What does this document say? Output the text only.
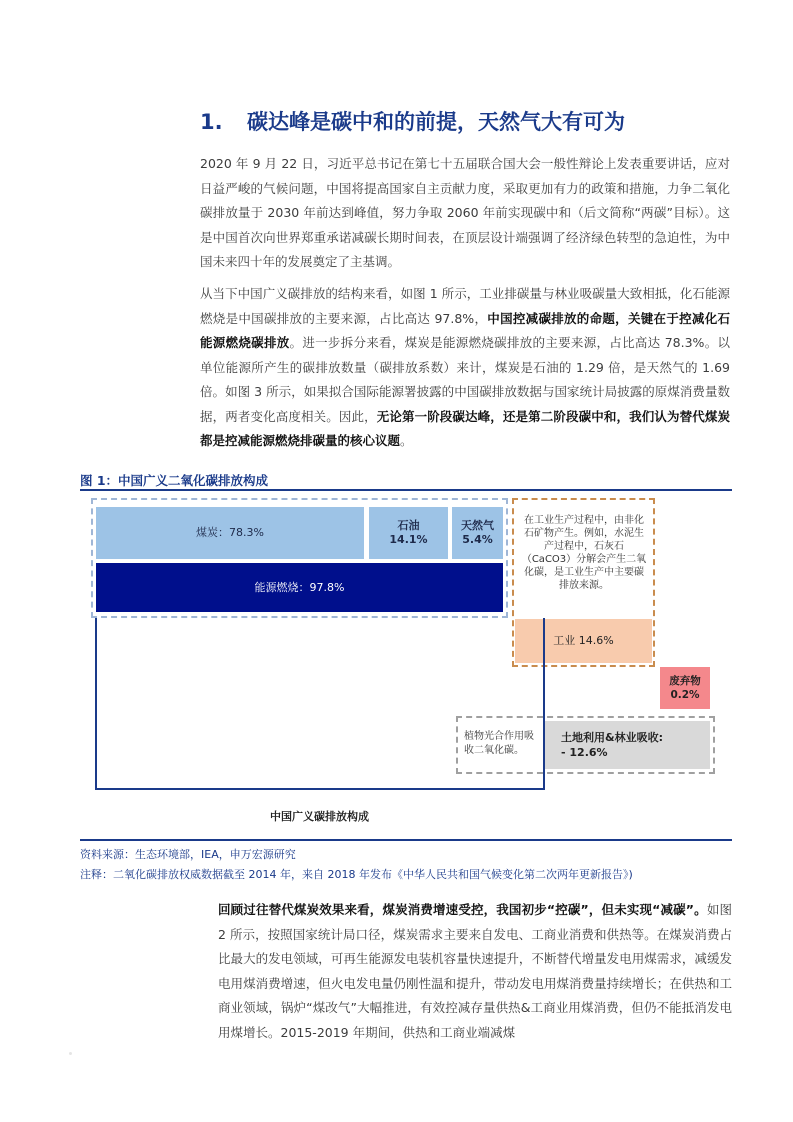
1. 碳达峰是碳中和的前提，天然气大有可为
2020 年 9 月 22 日，习近平总书记在第七十五届联合国大会一般性辩论上发表重要讲话，应对日益严峻的气候问题，中国将提高国家自主贡献力度，采取更加有力的政策和措施，力争二氧化碳排放量于 2030 年前达到峰值，努力争取 2060 年前实现碳中和（后文简称“两碳”目标）。这是中国首次向世界郑重承诺减碳长期时间表，在顶层设计端强调了经济绿色转型的急迫性，为中国未来四十年的发展奠定了主基调。
从当下中国广义碳排放的结构来看，如图 1 所示，工业排碳量与林业吸碳量大致相抵，化石能源燃烧是中国碳排放的主要来源，占比高达 97.8%，中国控减碳排放的命题，关键在于控减化石能源燃烧碳排放。进一步拆分来看，煤炭是能源燃烧碳排放的主要来源，占比高达 78.3%。以单位能源所产生的碳排放数量（碳排放系数）来计，煤炭是石油的 1.29 倍，是天然气的 1.69 倍。如图 3 所示，如果拟合国际能源署披露的中国碳排放数据与国家统计局披露的原煤消费量数据，两者变化高度相关。因此，无论第一阶段碳达峰，还是第二阶段碳中和，我们认为替代煤炭都是控减能源燃烧排碳量的核心议题。
图 1：中国广义二氧化碳排放构成
煤炭：78.3%
石油
14.1%
天然气
5.4%
能源燃烧：97.8%
在工业生产过程中，由非化石矿物产生。例如，水泥生产过程中，石灰石（CaCO3）分解会产生二氧化碳，是工业生产中主要碳排放来源。
工业 14.6%
废弃物
0.2%
植物光合作用吸收二氧化碳。
土地利用&林业吸收:
- 12.6%
中国广义碳排放构成
资料来源：生态环境部，IEA，申万宏源研究
注释：二氧化碳排放权威数据截至 2014 年，来自 2018 年发布《中华人民共和国气候变化第二次两年更新报告》)
回顾过往替代煤炭效果来看，煤炭消费增速受控，我国初步“控碳”，但未实现“减碳”。如图 2 所示，按照国家统计局口径，煤炭需求主要来自发电、工商业消费和供热等。在煤炭消费占比最大的发电领域，可再生能源发电装机容量快速提升，不断替代增量发电用煤需求，减缓发电用煤消费增速，但火电发电量仍刚性温和提升，带动发电用煤消费量持续增长；在供热和工商业领域，锅炉“煤改气”大幅推进，有效控减存量供热&工商业用煤消费，但仍不能抵消发电用煤增长。2015-2019 年期间，供热和工商业端减煤
